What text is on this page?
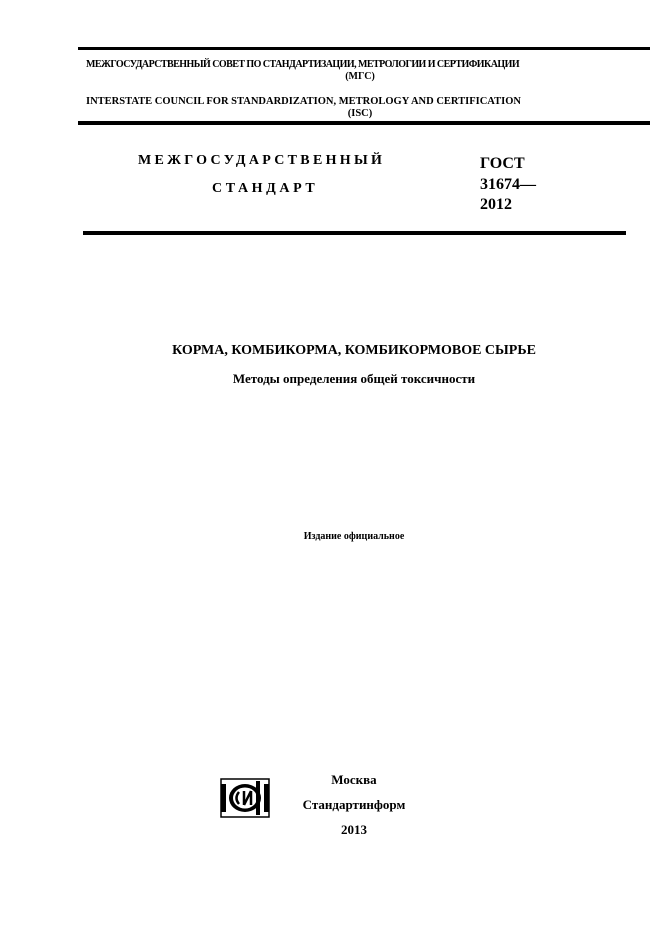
МЕЖГОСУДАРСТВЕННЫЙ СОВЕТ ПО СТАНДАРТИЗАЦИИ, МЕТРОЛОГИИ И СЕРТИФИКАЦИИ
(МГС)
INTERSTATE COUNCIL FOR STANDARDIZATION, METROLOGY AND CERTIFICATION
(ISC)
МЕЖГОСУДАРСТВЕННЫЙ
СТАНДАРТ
ГОСТ
31674—
2012
КОРМА, КОМБИКОРМА, КОМБИКОРМОВОЕ СЫРЬЕ
Методы определения общей токсичности
Издание официальное
Москва
Стандартинформ
2013
